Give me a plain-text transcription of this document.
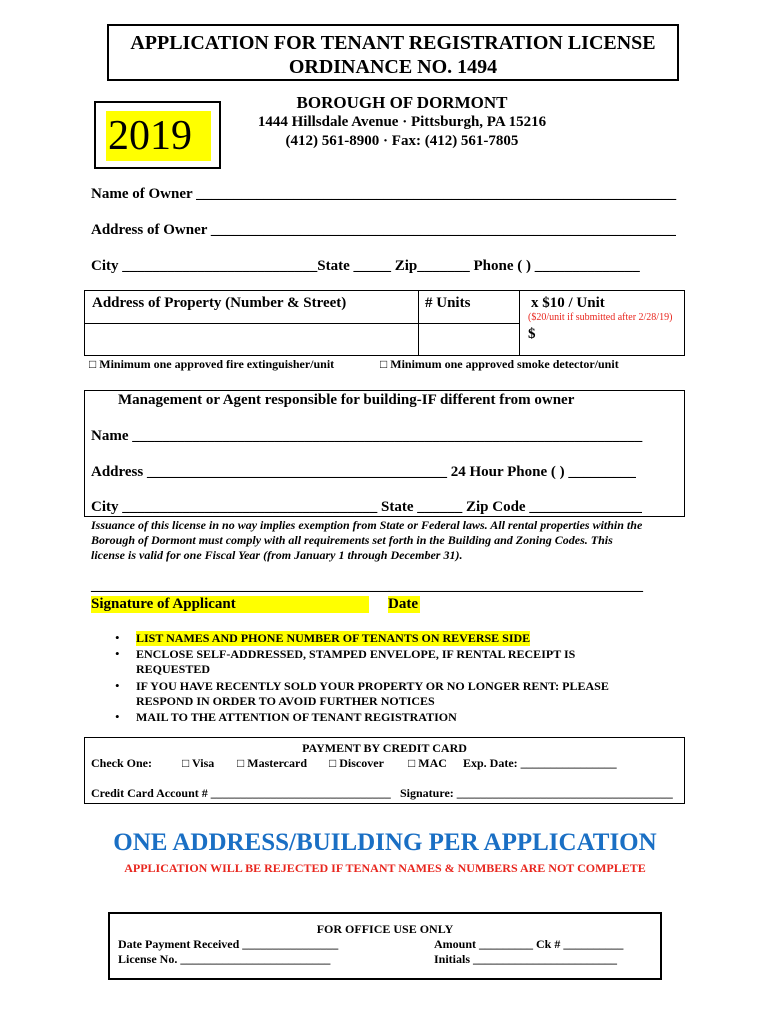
APPLICATION FOR TENANT REGISTRATION LICENSE
ORDINANCE NO. 1494
2019
BOROUGH OF DORMONT
1444 Hillsdale Avenue · Pittsburgh, PA 15216
(412) 561-8900 · Fax: (412) 561-7805
Name of Owner ________________________________________________________________
Address of Owner ______________________________________________________________
City __________________________State _____ Zip_______ Phone ( ) ______________
Address of Property (Number & Street)	# Units	x $10 / Unit
($20/unit if submitted after 2/28/19)
$
□ Minimum one approved fire extinguisher/unit	□ Minimum one approved smoke detector/unit
Management or Agent responsible for building-IF different from owner
Name ____________________________________________________________________
Address ________________________________________ 24 Hour Phone ( ) _________
City __________________________________ State ______ Zip Code _______________
Issuance of this license in no way implies exemption from State or Federal laws. All rental properties within the
Borough of Dormont must comply with all requirements set forth in the Building and Zoning Codes. This
license is valid for one Fiscal Year (from January 1 through December 31).
________________________________________
__________________________________
Signature of Applicant	Date
• LIST NAMES AND PHONE NUMBER OF TENANTS ON REVERSE SIDE
• ENCLOSE SELF-ADDRESSED, STAMPED ENVELOPE, IF RENTAL RECEIPT IS
REQUESTED
• IF YOU HAVE RECENTLY SOLD YOUR PROPERTY OR NO LONGER RENT: PLEASE
RESPOND IN ORDER TO AVOID FURTHER NOTICES
• MAIL TO THE ATTENTION OF TENANT REGISTRATION
PAYMENT BY CREDIT CARD
Check One:	□ Visa □ Mastercard □ Discover □ MAC Exp. Date: ________________
Credit Card Account # ______________________________ Signature: ____________________________________
ONE ADDRESS/BUILDING PER APPLICATION
APPLICATION WILL BE REJECTED IF TENANT NAMES & NUMBERS ARE NOT COMPLETE
FOR OFFICE USE ONLY
Date Payment Received ________________
License No. _________________________
Amount _________ Ck # __________
Initials ________________________
